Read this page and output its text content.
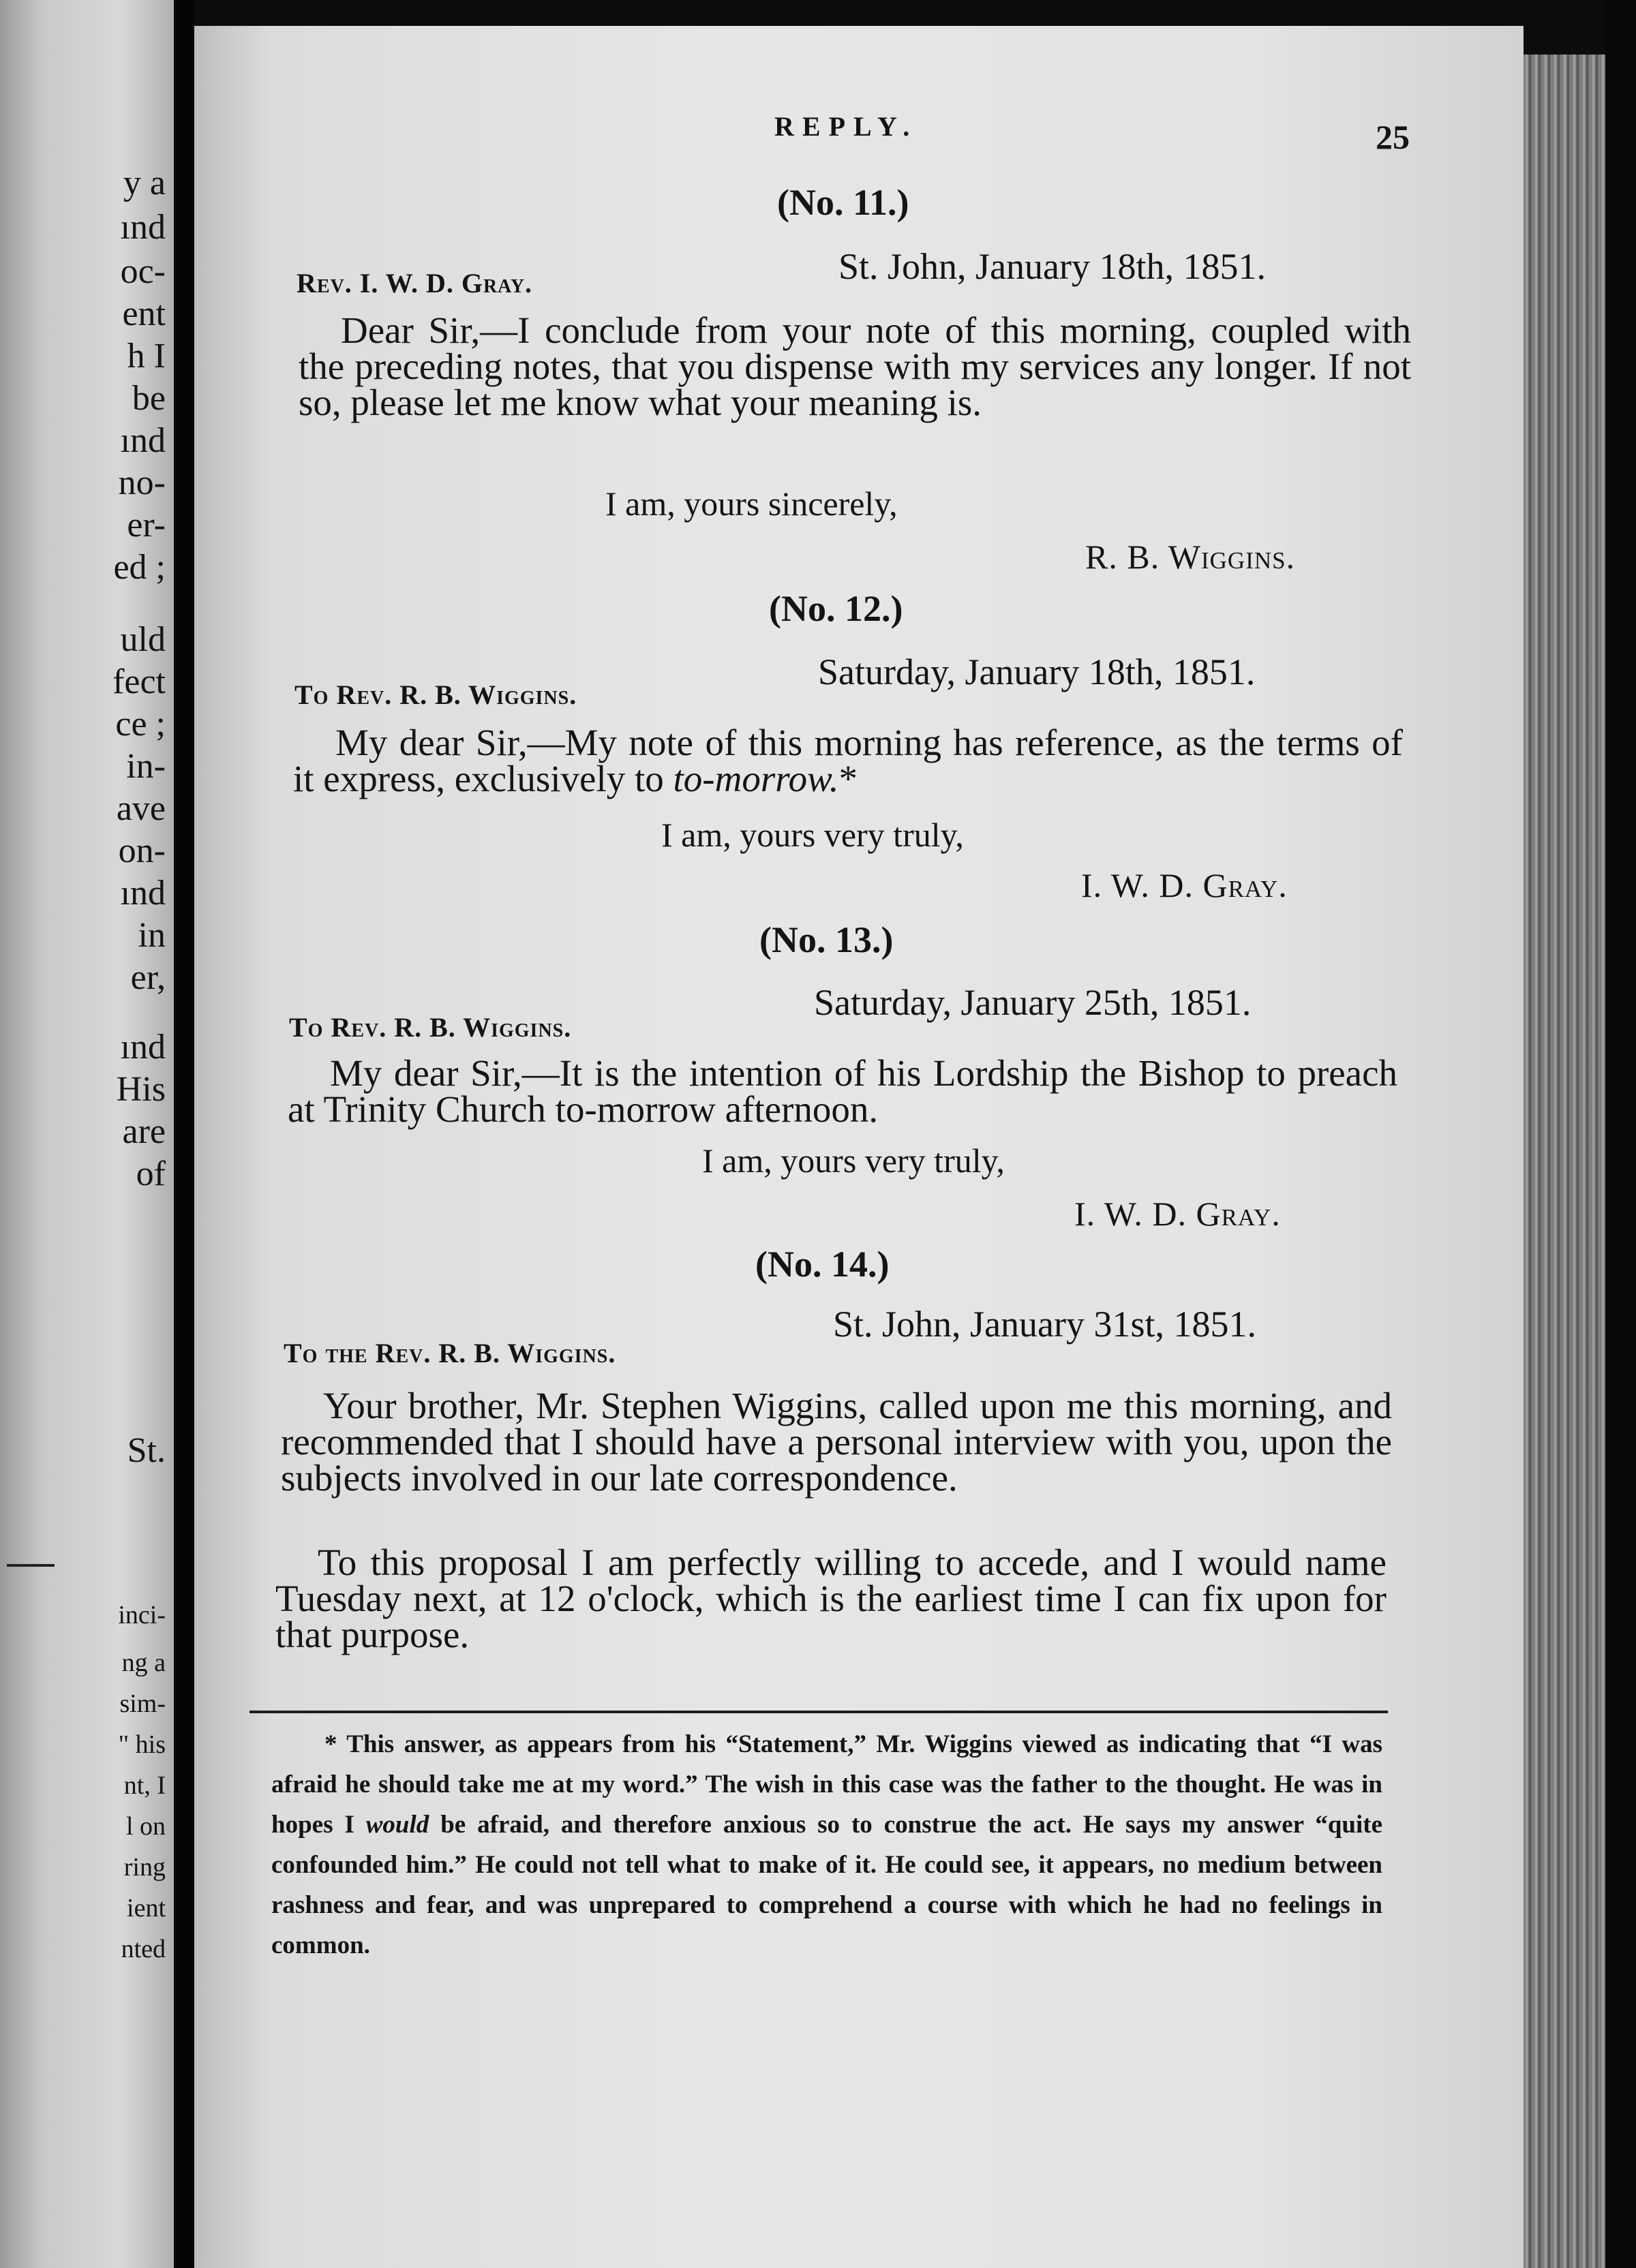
y a
ınd
oc-
ent
h I
be
ınd
no-
er-
ed ;
uld
fect
ce ;
in-
ave
on-
ınd
in
er,
ınd
His
are
of
St.
inci-
ng a
sim-
" his
nt, I
l on
ring
ient
nted
REPLY.	25
(No. 11.)
St. John, January 18th, 1851.
Rev. I. W. D. Gray.
Dear Sir,—I conclude from your note of this morning, coupled with the preceding notes, that you dispense with my services any longer. If not so, please let me know what your meaning is.
I am, yours sincerely,
R. B. Wiggins.
(No. 12.)
Saturday, January 18th, 1851.
To Rev. R. B. Wiggins.
My dear Sir,—My note of this morning has reference, as the terms of it express, exclusively to to-morrow.*
I am, yours very truly,
I. W. D. Gray.
(No. 13.)
Saturday, January 25th, 1851.
To Rev. R. B. Wiggins.
My dear Sir,—It is the intention of his Lordship the Bishop to preach at Trinity Church to-morrow afternoon.
I am, yours very truly,
I. W. D. Gray.
(No. 14.)
St. John, January 31st, 1851.
To the Rev. R. B. Wiggins.
Your brother, Mr. Stephen Wiggins, called upon me this morning, and recommended that I should have a personal interview with you, upon the subjects involved in our late correspondence.
To this proposal I am perfectly willing to accede, and I would name Tuesday next, at 12 o'clock, which is the earliest time I can fix upon for that purpose.
* This answer, as appears from his “Statement,” Mr. Wiggins viewed as indicating that “I was afraid he should take me at my word.” The wish in this case was the father to the thought. He was in hopes I would be afraid, and therefore anxious so to construe the act. He says my answer “quite confounded him.” He could not tell what to make of it. He could see, it appears, no medium between rashness and fear, and was unprepared to comprehend a course with which he had no feelings in common.
